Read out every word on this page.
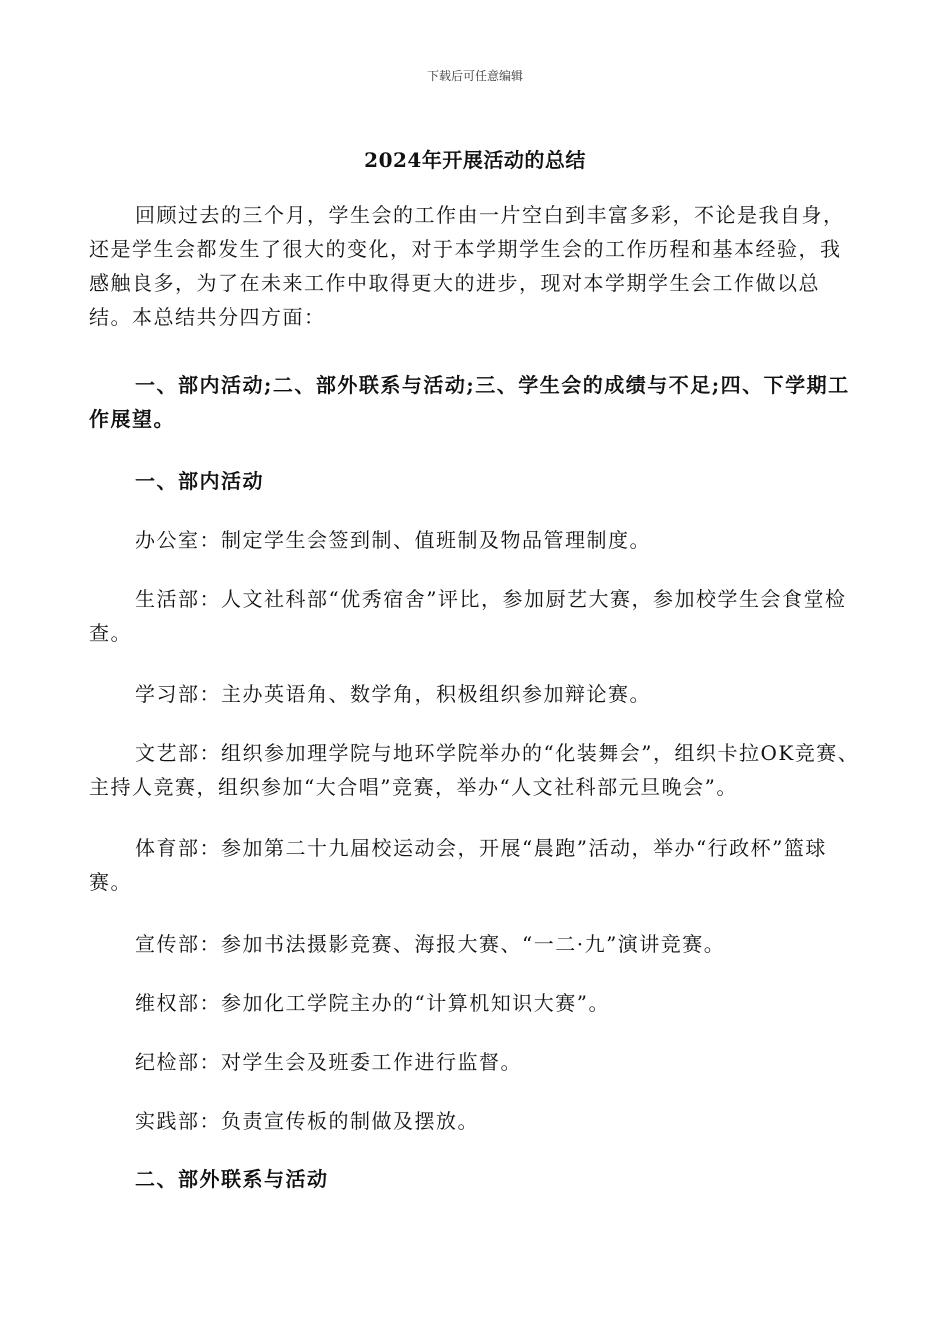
下载后可任意编辑
2024年开展活动的总结

回顾过去的三个月，学生会的工作由一片空白到丰富多彩，不论是我自身，还是学生会都发生了很大的变化，对于本学期学生会的工作历程和基本经验，我感触良多，为了在未来工作中取得更大的进步，现对本学期学生会工作做以总结。本总结共分四方面：

一、部内活动;二、部外联系与活动;三、学生会的成绩与不足;四、下学期工作展望。

一、部内活动

办公室：制定学生会签到制、值班制及物品管理制度。

生活部：人文社科部“优秀宿舍”评比，参加厨艺大赛，参加校学生会食堂检查。

学习部：主办英语角、数学角，积极组织参加辩论赛。

文艺部：组织参加理学院与地环学院举办的“化装舞会”，组织卡拉OK竞赛、主持人竞赛，组织参加“大合唱”竞赛，举办“人文社科部元旦晚会”。

体育部：参加第二十九届校运动会，开展“晨跑”活动，举办“行政杯”篮球赛。

宣传部：参加书法摄影竞赛、海报大赛、“一二·九”演讲竞赛。

维权部：参加化工学院主办的“计算机知识大赛”。

纪检部：对学生会及班委工作进行监督。

实践部：负责宣传板的制做及摆放。

二、部外联系与活动
